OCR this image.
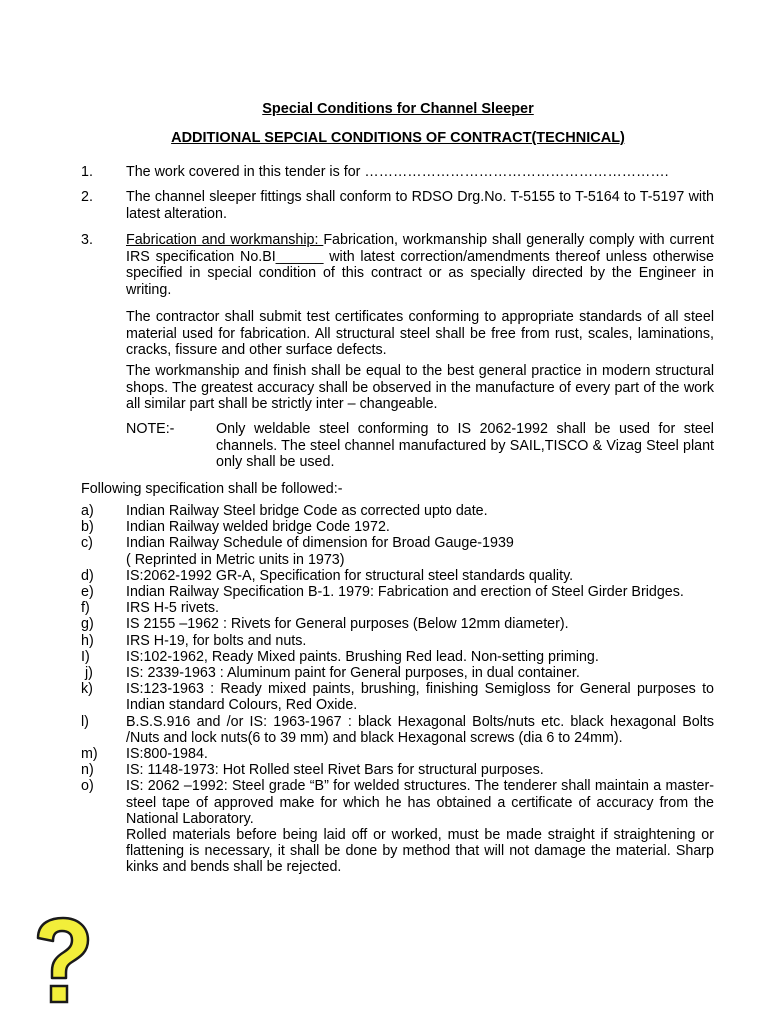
Special Conditions for Channel Sleeper
ADDITIONAL SEPCIAL CONDITIONS OF CONTRACT(TECHNICAL)
1. The work covered in this tender is for ……………………………………………………….
2. The channel sleeper fittings shall conform to RDSO Drg.No. T-5155 to T-5164 to T-5197 with latest alteration.
3. Fabrication and workmanship: Fabrication, workmanship shall generally comply with current IRS specification No.BI______ with latest correction/amendments thereof unless otherwise specified in special condition of this contract or as specially directed by the Engineer in writing.
The contractor shall submit test certificates conforming to appropriate standards of all steel material used for fabrication. All structural steel shall be free from rust, scales, laminations, cracks, fissure and other surface defects.
The workmanship and finish shall be equal to the best general practice in modern structural shops. The greatest accuracy shall be observed in the manufacture of every part of the work all similar part shall be strictly inter – changeable.
NOTE:-	Only weldable steel conforming to IS 2062-1992 shall be used for steel channels. The steel channel manufactured by SAIL,TISCO & Vizag Steel plant only shall be used.
Following specification shall be followed:-
a)	Indian Railway Steel bridge Code as corrected upto date.
b)	Indian Railway welded bridge Code 1972.
c)	Indian Railway Schedule of dimension for Broad Gauge-1939

( Reprinted in Metric units in 1973)

d)	IS:2062-1992 GR-A, Specification for structural steel standards quality.
e)	Indian Railway Specification B-1. 1979: Fabrication and erection of Steel Girder Bridges.
f)	IRS H-5 rivets.
g)	IS 2155 –1962 : Rivets for General purposes (Below 12mm diameter).
h)	IRS H-19, for bolts and nuts.
I)	IS:102-1962, Ready Mixed paints. Brushing Red lead. Non-setting priming.
j)	IS: 2339-1963 : Aluminum paint for General purposes, in dual container.
k)	IS:123-1963 : Ready mixed paints, brushing, finishing Semigloss for General purposes to Indian standard Colours, Red Oxide.
l)	B.S.S.916 and /or IS: 1963-1967 : black Hexagonal Bolts/nuts etc. black hexagonal Bolts /Nuts and lock nuts(6 to 39 mm) and black Hexagonal screws (dia 6 to 24mm).
m)	IS:800-1984.
n)	IS: 1148-1973: Hot Rolled steel Rivet Bars for structural purposes.
o)	IS: 2062 –1992: Steel grade “B” for welded structures. The tenderer shall maintain a master- steel tape of approved make for which he has obtained a certificate of accuracy from the National Laboratory.

Rolled materials before being laid off or worked, must be made straight if straightening or flattening is necessary, it shall be done by method that will not damage the material. Sharp kinks and bends shall be rejected.
